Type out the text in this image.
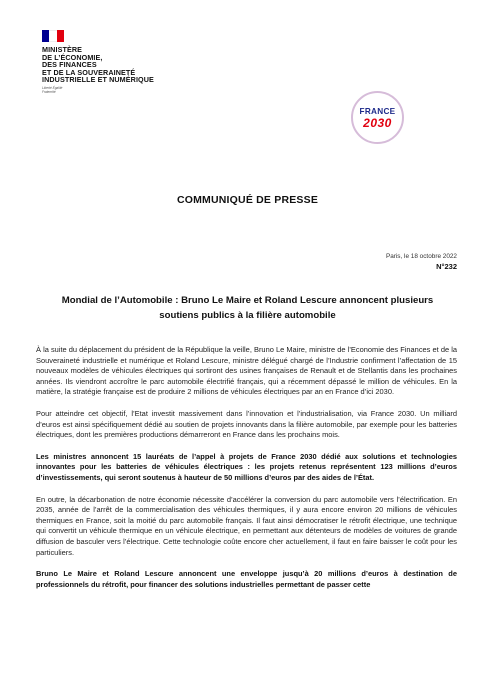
MINISTÈRE
DE L’ÉCONOMIE,
DES FINANCES
ET DE LA SOUVERAINETÉ
INDUSTRIELLE ET NUMÉRIQUE
Liberté Égalité Fraternité
FRANCE
2030
COMMUNIQUÉ DE PRESSE
Paris, le 18 octobre 2022
N°232
Mondial de l’Automobile : Bruno Le Maire et Roland Lescure annoncent plusieurs
soutiens publics à la filière automobile

À la suite du déplacement du président de la République la veille, Bruno Le Maire, ministre de l’Economie des Finances et de la Souveraineté industrielle et numérique et Roland Lescure, ministre délégué chargé de l’Industrie confirment l’affectation de 15 nouveaux modèles de véhicules électriques qui sortiront des usines françaises de Renault et de Stellantis dans les prochaines années. Ils viendront accroître le parc automobile électrifié français, qui a récemment dépassé le million de véhicules. En la matière, la stratégie française est de produire 2 millions de véhicules électriques par an en France d’ici 2030.

Pour atteindre cet objectif, l’Etat investit massivement dans l’innovation et l’industrialisation, via France 2030. Un milliard d’euros est ainsi spécifiquement dédié au soutien de projets innovants dans la filière automobile, par exemple pour les batteries électriques, dont les premières productions démarreront en France dans les prochains mois.

Les ministres annoncent 15 lauréats de l’appel à projets de France 2030 dédié aux solutions et technologies innovantes pour les batteries de véhicules électriques : les projets retenus représentent 123 millions d’euros d’investissements, qui seront soutenus à hauteur de 50 millions d’euros par des aides de l’État.

En outre, la décarbonation de notre économie nécessite d’accélérer la conversion du parc automobile vers l’électrification. En 2035, année de l’arrêt de la commercialisation des véhicules thermiques, il y aura encore environ 20 millions de véhicules thermiques en France, soit la moitié du parc automobile français. Il faut ainsi démocratiser le rétrofit électrique, une technique qui convertit un véhicule thermique en un véhicule électrique, en permettant aux détenteurs de modèles de voitures de grande diffusion de basculer vers l’électrique. Cette technologie coûte encore cher actuellement, il faut en faire baisser le coût pour les particuliers.

Bruno Le Maire et Roland Lescure annoncent une enveloppe jusqu’à 20 millions d’euros à destination de professionnels du rétrofit, pour financer des solutions industrielles permettant de passer cette
